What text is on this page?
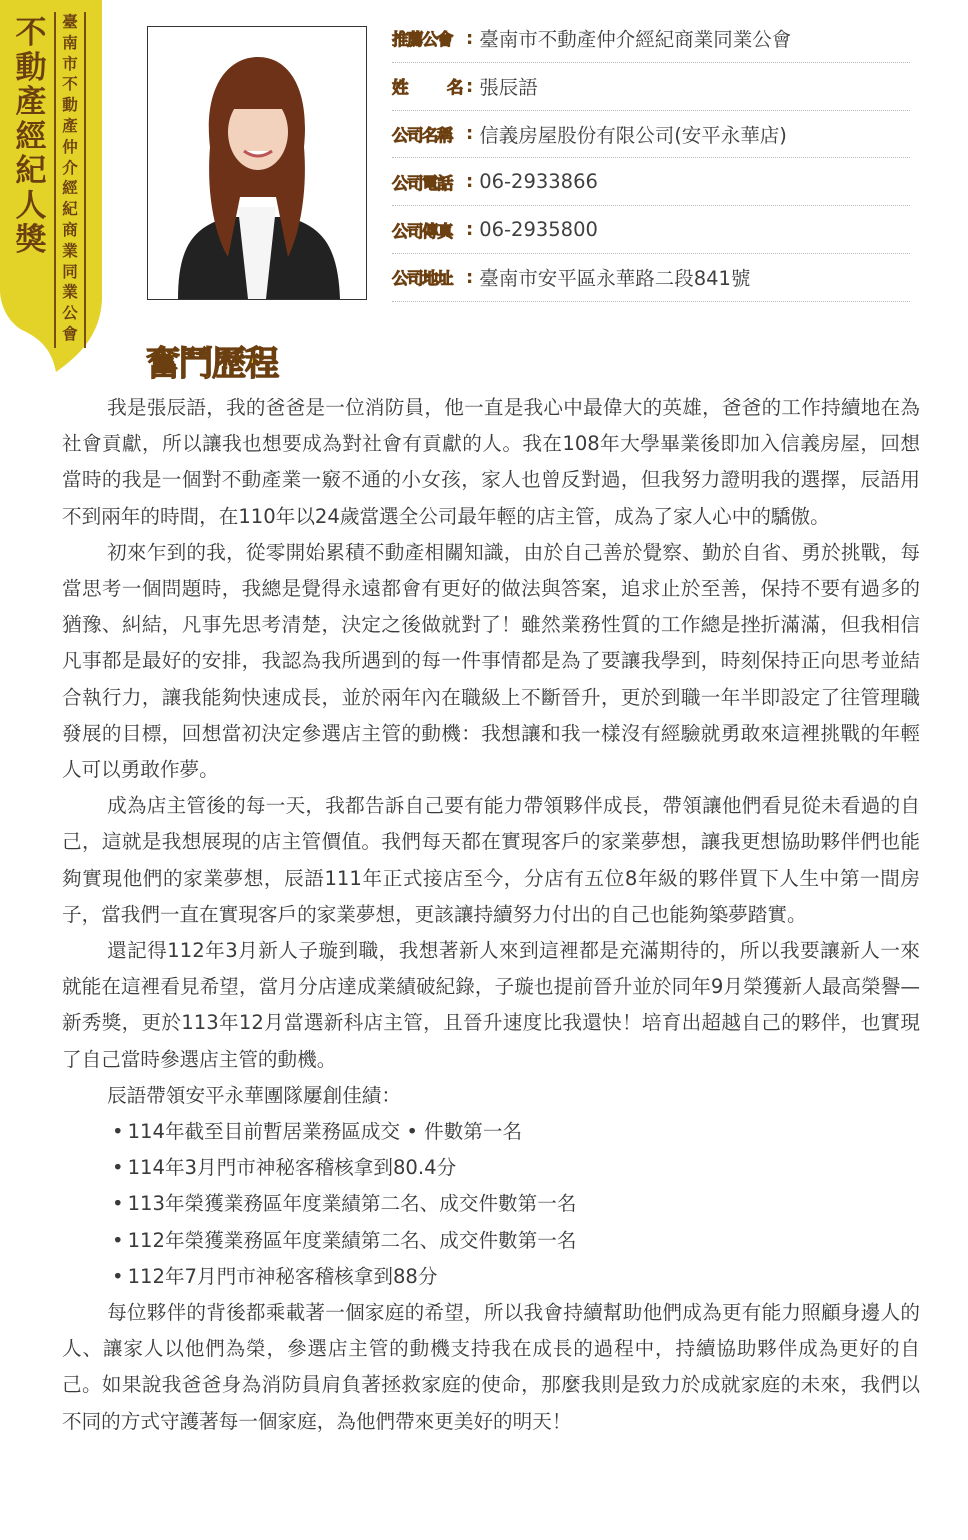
不動產經紀人獎
臺南市不動產仲介經紀商業同業公會
推薦公會 : 臺南市不動產仲介經紀商業同業公會
姓 名 : 張辰語
公司名稱 : 信義房屋股份有限公司(安平永華店)
公司電話 : 06-2933866
公司傳真 : 06-2935800
公司地址 : 臺南市安平區永華路二段841號
奮鬥歷程

我是張辰語，我的爸爸是一位消防員，他一直是我心中最偉大的英雄，爸爸的工作持續地在為社會貢獻，所以讓我也想要成為對社會有貢獻的人。我在108年大學畢業後即加入信義房屋，回想當時的我是一個對不動產業一竅不通的小女孩，家人也曾反對過，但我努力證明我的選擇，辰語用不到兩年的時間，在110年以24歲當選全公司最年輕的店主管，成為了家人心中的驕傲。

初來乍到的我，從零開始累積不動產相關知識，由於自己善於覺察、勤於自省、勇於挑戰，每當思考一個問題時，我總是覺得永遠都會有更好的做法與答案，追求止於至善，保持不要有過多的猶豫、糾結，凡事先思考清楚，決定之後做就對了！雖然業務性質的工作總是挫折滿滿，但我相信凡事都是最好的安排，我認為我所遇到的每一件事情都是為了要讓我學到，時刻保持正向思考並結合執行力，讓我能夠快速成長，並於兩年內在職級上不斷晉升，更於到職一年半即設定了往管理職發展的目標，回想當初決定參選店主管的動機：我想讓和我一樣沒有經驗就勇敢來這裡挑戰的年輕人可以勇敢作夢。

成為店主管後的每一天，我都告訴自己要有能力帶領夥伴成長，帶領讓他們看見從未看過的自己，這就是我想展現的店主管價值。我們每天都在實現客戶的家業夢想，讓我更想協助夥伴們也能夠實現他們的家業夢想，辰語111年正式接店至今，分店有五位8年級的夥伴買下人生中第一間房子，當我們一直在實現客戶的家業夢想，更該讓持續努力付出的自己也能夠築夢踏實。

還記得112年3月新人子璇到職，我想著新人來到這裡都是充滿期待的，所以我要讓新人一來就能在這裡看見希望，當月分店達成業績破紀錄，子璇也提前晉升並於同年9月榮獲新人最高榮譽—新秀獎，更於113年12月當選新科店主管，且晉升速度比我還快！培育出超越自己的夥伴，也實現了自己當時參選店主管的動機。

辰語帶領安平永華團隊屢創佳績：

• 114年截至目前暫居業務區成交 • 件數第一名
• 114年3月門市神秘客稽核拿到80.4分
• 113年榮獲業務區年度業績第二名、成交件數第一名
• 112年榮獲業務區年度業績第二名、成交件數第一名
• 112年7月門市神秘客稽核拿到88分

每位夥伴的背後都乘載著一個家庭的希望，所以我會持續幫助他們成為更有能力照顧身邊人的人、讓家人以他們為榮，參選店主管的動機支持我在成長的過程中，持續協助夥伴成為更好的自己。如果說我爸爸身為消防員肩負著拯救家庭的使命，那麼我則是致力於成就家庭的未來，我們以不同的方式守護著每一個家庭，為他們帶來更美好的明天！
